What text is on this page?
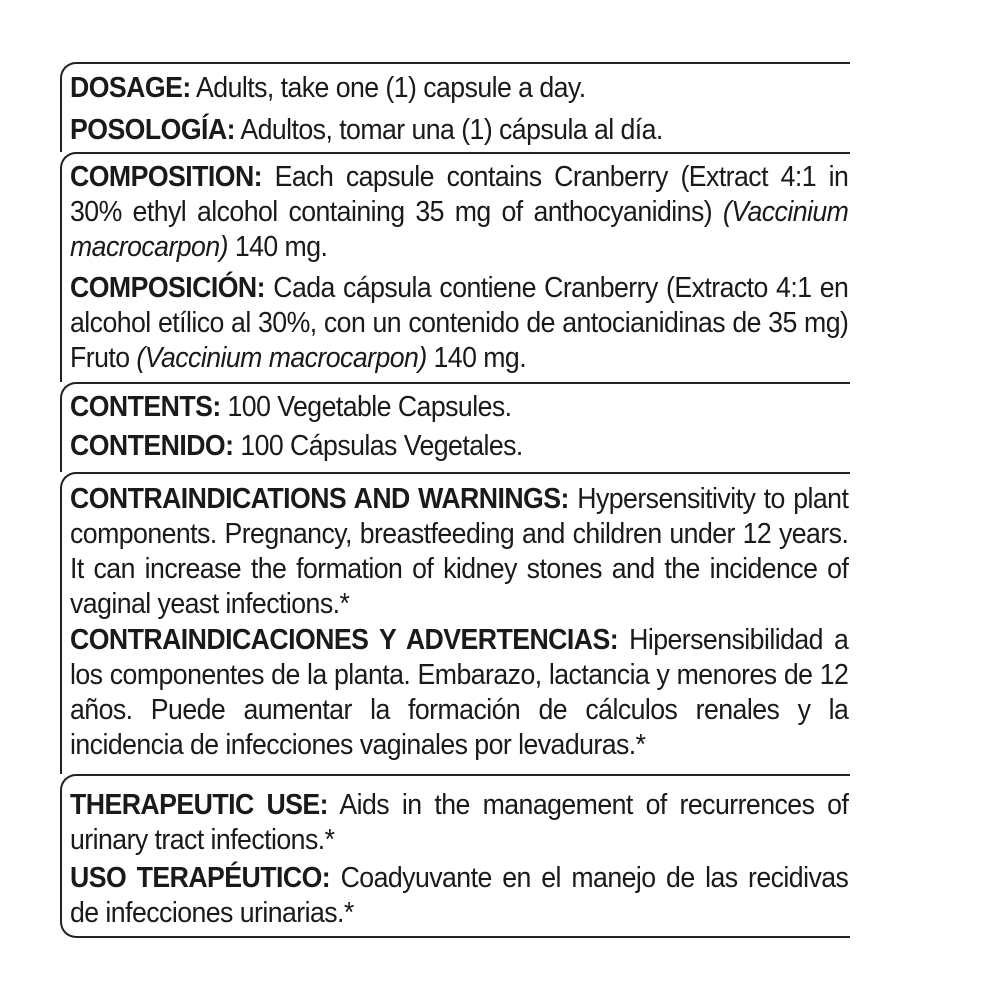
DOSAGE: Adults, take one (1) capsule a day.
POSOLOGÍA: Adultos, tomar una (1) cápsula al día.
COMPOSITION: Each capsule contains Cranberry (Extract 4:1 in 30% ethyl alcohol containing 35 mg of anthocyanidins) (Vaccinium macrocarpon) 140 mg.
COMPOSICIÓN: Cada cápsula contiene Cranberry (Extracto 4:1 en alcohol etílico al 30%, con un contenido de antocianidinas de 35 mg) Fruto (Vaccinium macrocarpon) 140 mg.
CONTENTS: 100 Vegetable Capsules.
CONTENIDO: 100 Cápsulas Vegetales.
CONTRAINDICATIONS AND WARNINGS: Hypersensitivity to plant components. Pregnancy, breastfeeding and children under 12 years. It can increase the formation of kidney stones and the incidence of vaginal yeast infections.*
CONTRAINDICACIONES Y ADVERTENCIAS: Hipersensibilidad a los componentes de la planta. Embarazo, lactancia y menores de 12 años. Puede aumentar la formación de cálculos renales y la incidencia de infecciones vaginales por levaduras.*
THERAPEUTIC USE: Aids in the management of recurrences of urinary tract infections.*
USO TERAPÉUTICO: Coadyuvante en el manejo de las recidivas de infecciones urinarias.*
